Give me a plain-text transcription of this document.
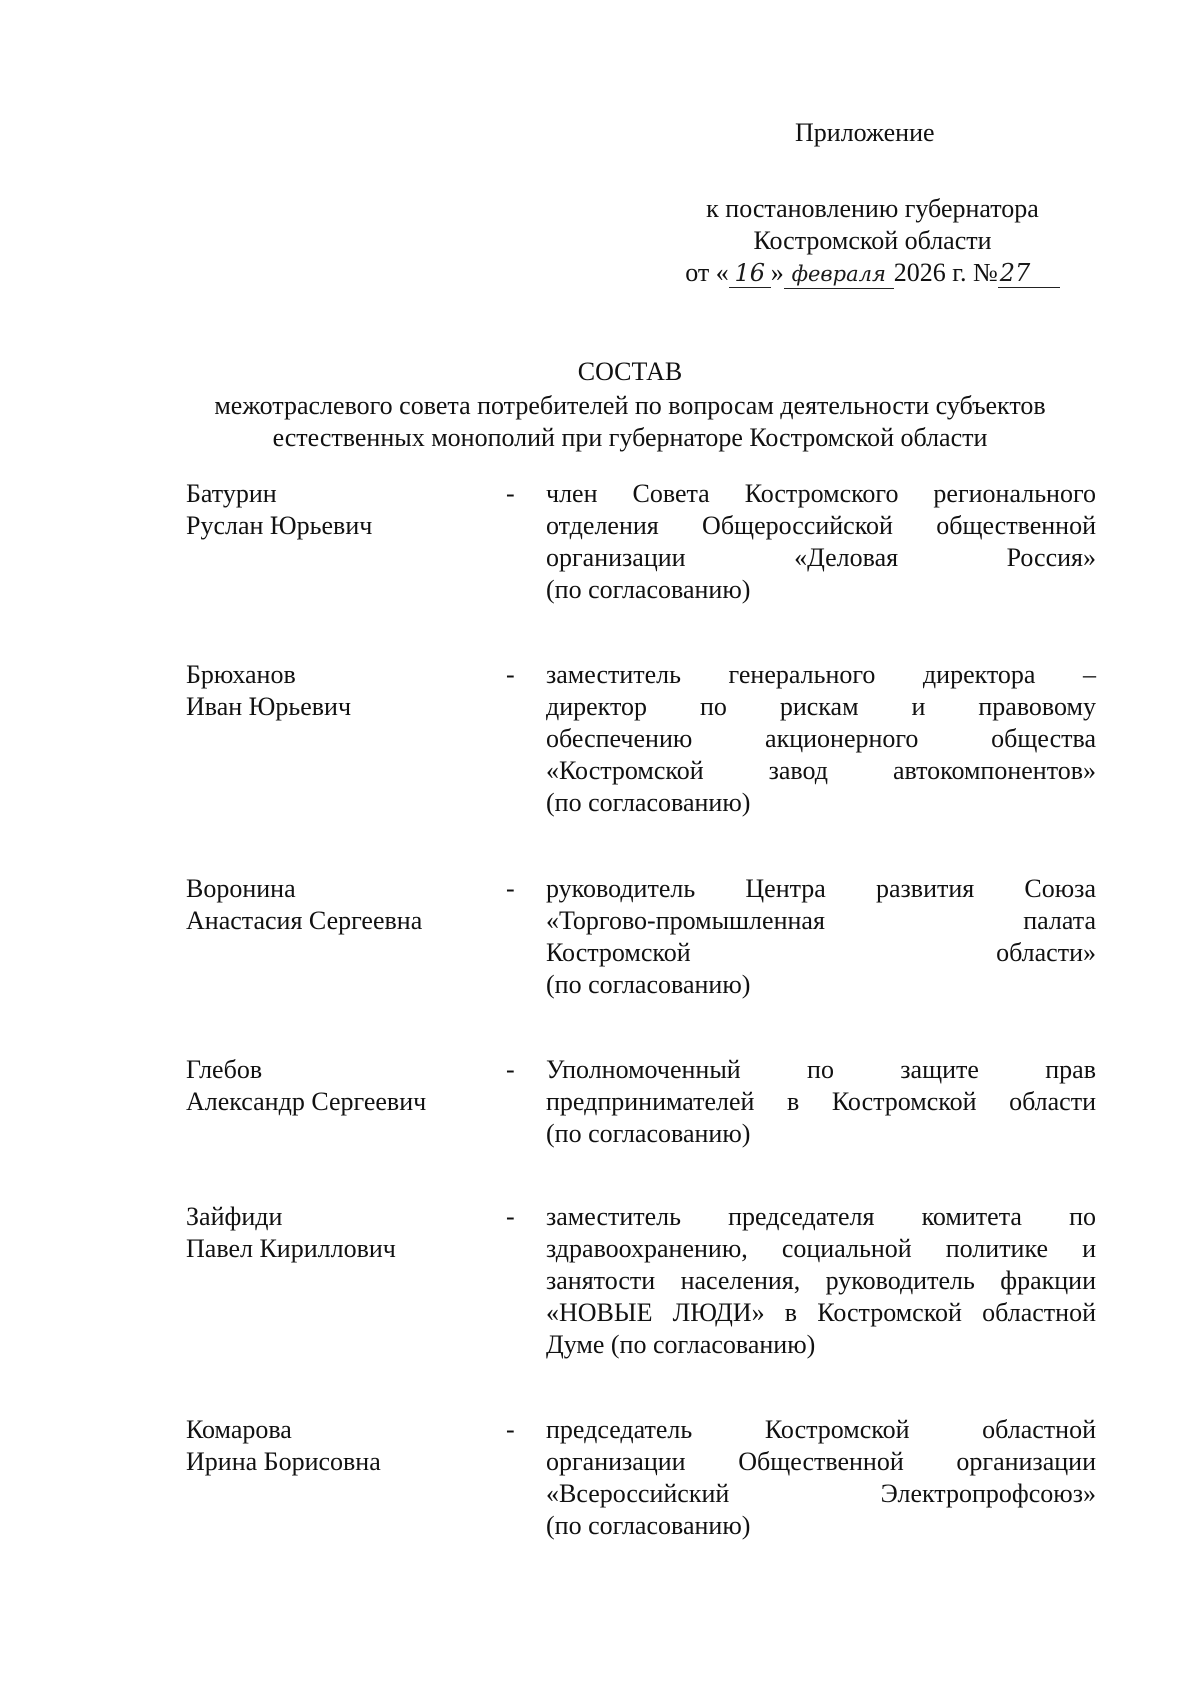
Приложение
к постановлению губернатора
Костромской области
от « 16 » февраля 2026 г. №27
СОСТАВ
межотраслевого совета потребителей по вопросам деятельности субъектов
естественных монополий при губернаторе Костромской области
Батурин
Руслан Юрьевич
- член Совета Костромского регионального
отделения Общероссийской общественной
организации «Деловая Россия»
(по согласованию)
Брюханов
Иван Юрьевич
- заместитель генерального директора –
директор по рискам и правовому
обеспечению акционерного общества
«Костромской завод автокомпонентов»
(по согласованию)
Воронина
Анастасия Сергеевна
- руководитель Центра развития Союза
«Торгово-промышленная палата
Костромской области»
(по согласованию)
Глебов
Александр Сергеевич
- Уполномоченный по защите прав
предпринимателей в Костромской области
(по согласованию)
Зайфиди
Павел Кириллович
- заместитель председателя комитета по
здравоохранению, социальной политике и
занятости населения, руководитель фракции
«НОВЫЕ ЛЮДИ» в Костромской областной
Думе (по согласованию)
Комарова
Ирина Борисовна
- председатель Костромской областной
организации Общественной организации
«Всероссийский Электропрофсоюз»
(по согласованию)
